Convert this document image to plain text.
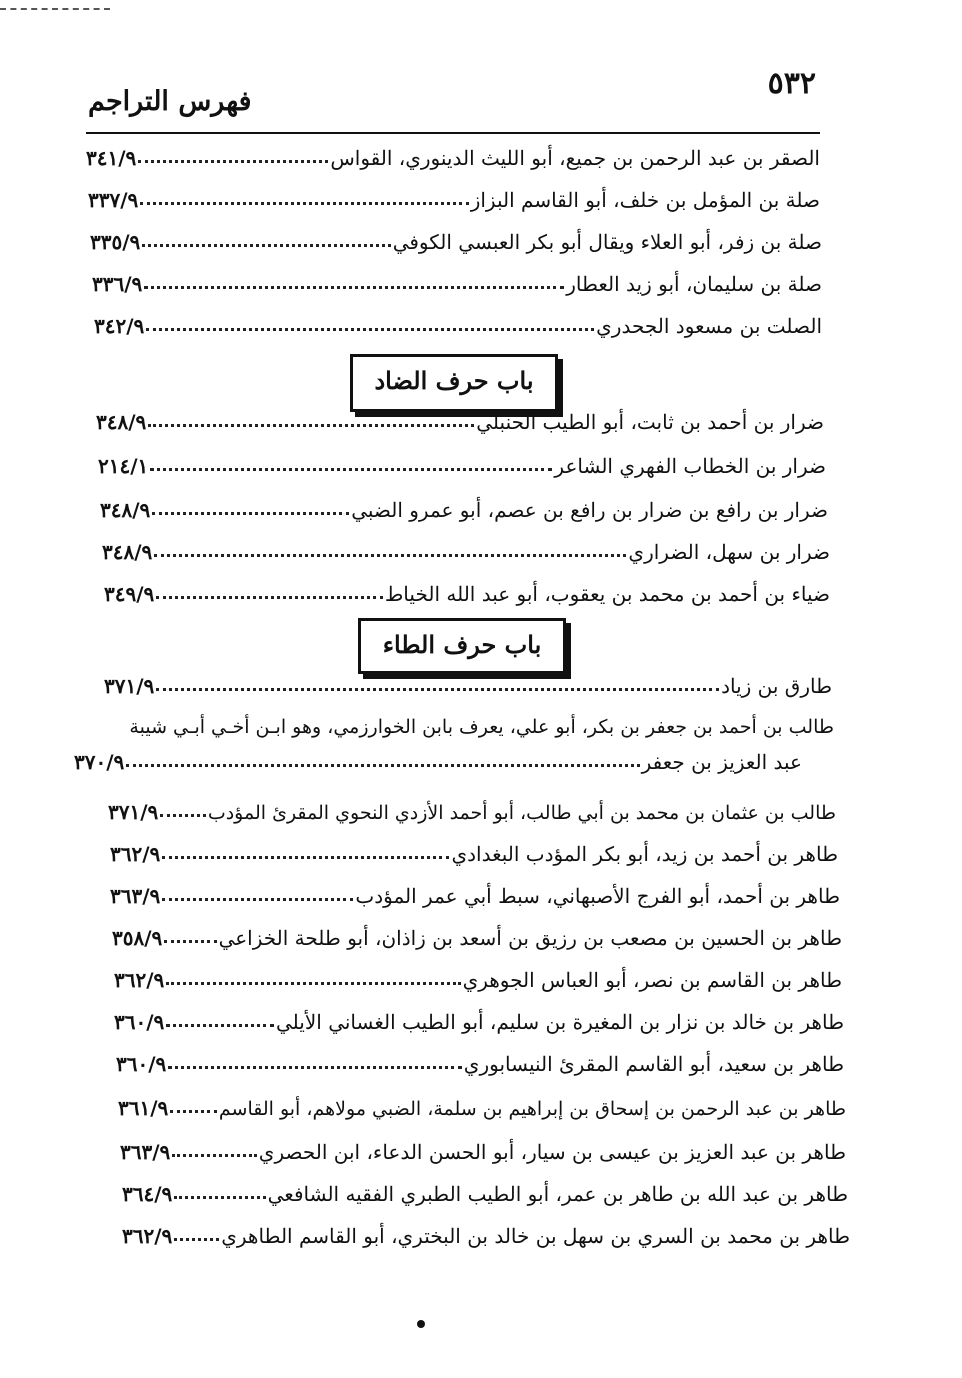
٥٣٢
فهرس التراجم
الصقر بن عبد الرحمن بن جميع، أبو الليث الدينوري، القواس
٣٤١/٩
صلة بن المؤمل بن خلف، أبو القاسم البزاز
٣٣٧/٩
صلة بن زفر، أبو العلاء ويقال أبو بكر العبسي الكوفي
٣٣٥/٩
صلة بن سليمان، أبو زيد العطار
٣٣٦/٩
الصلت بن مسعود الجحدري
٣٤٢/٩
باب حرف الضاد
ضرار بن أحمد بن ثابت، أبو الطيب الحنبلي
٣٤٨/٩
ضرار بن الخطاب الفهري الشاعر
٢١٤/١
ضرار بن رافع بن ضرار بن رافع بن عصم، أبو عمرو الضبي
٣٤٨/٩
ضرار بن سهل، الضراري
٣٤٨/٩
ضياء بن أحمد بن محمد بن يعقوب، أبو عبد الله الخياط
٣٤٩/٩
باب حرف الطاء
طارق بن زياد
٣٧١/٩
طالب بن أحمد بن جعفر بن بكر، أبو علي، يعرف بابن الخوارزمي، وهو ابـن أخـي أبـي شيبة
عبد العزيز بن جعفر
٣٧٠/٩
طالب بن عثمان بن محمد بن أبي طالب، أبو أحمد الأزدي النحوي المقرئ المؤدب
٣٧١/٩
طاهر بن أحمد بن زيد، أبو بكر المؤدب البغدادي
٣٦٢/٩
طاهر بن أحمد، أبو الفرج الأصبهاني، سبط أبي عمر المؤدب
٣٦٣/٩
طاهر بن الحسين بن مصعب بن رزيق بن أسعد بن زاذان، أبو طلحة الخزاعي
٣٥٨/٩
طاهر بن القاسم بن نصر، أبو العباس الجوهري
٣٦٢/٩
طاهر بن خالد بن نزار بن المغيرة بن سليم، أبو الطيب الغساني الأيلي
٣٦٠/٩
طاهر بن سعيد، أبو القاسم المقرئ النيسابوري
٣٦٠/٩
طاهر بن عبد الرحمن بن إسحاق بن إبراهيم بن سلمة، الضبي مولاهم، أبو القاسم
٣٦١/٩
طاهر بن عبد العزيز بن عيسى بن سيار، أبو الحسن الدعاء، ابن الحصري
٣٦٣/٩
طاهر بن عبد الله بن طاهر بن عمر، أبو الطيب الطبري الفقيه الشافعي
٣٦٤/٩
طاهر بن محمد بن السري بن سهل بن خالد بن البختري، أبو القاسم الطاهري
٣٦٢/٩
